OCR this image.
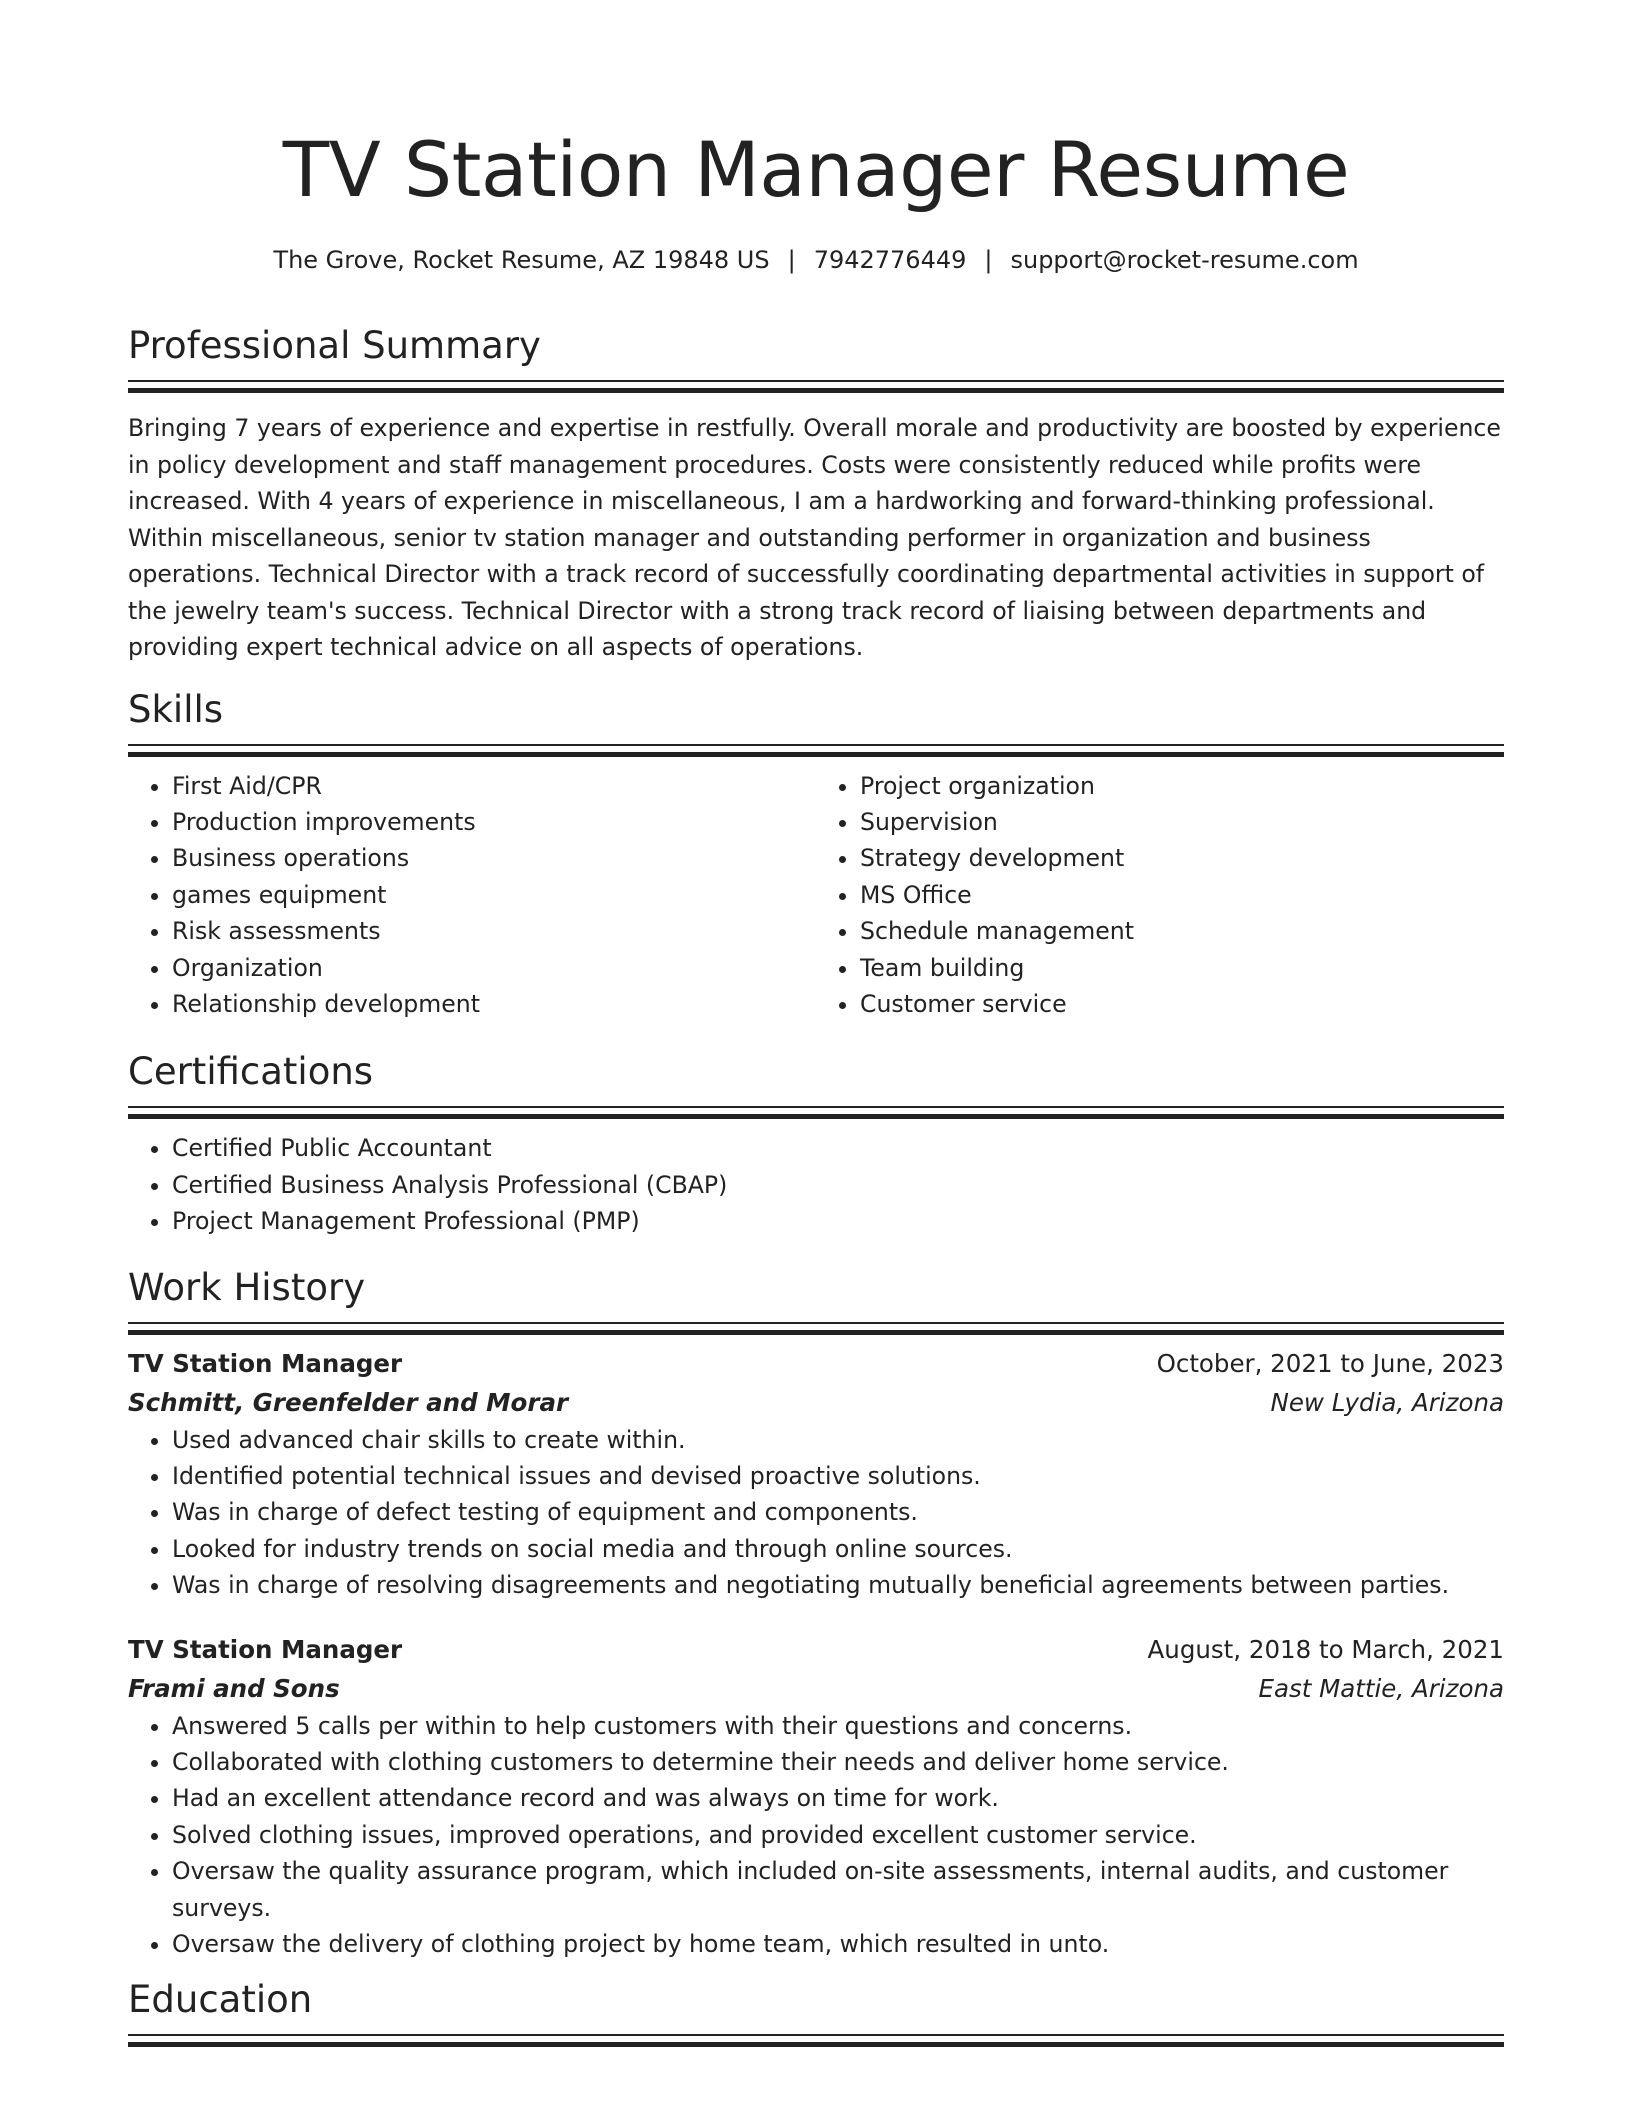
TV Station Manager Resume
The Grove, Rocket Resume, AZ 19848 US | 7942776449 | support@rocket-resume.com
Professional Summary

Bringing 7 years of experience and expertise in restfully. Overall morale and productivity are boosted by experience in policy development and staff management procedures. Costs were consistently reduced while profits were increased. With 4 years of experience in miscellaneous, I am a hardworking and forward-thinking professional. Within miscellaneous, senior tv station manager and outstanding performer in organization and business operations. Technical Director with a track record of successfully coordinating departmental activities in support of the jewelry team's success. Technical Director with a strong track record of liaising between departments and providing expert technical advice on all aspects of operations.

Skills
• First Aid/CPR
• Production improvements
• Business operations
• games equipment
• Risk assessments
• Organization
• Relationship development
• Project organization
• Supervision
• Strategy development
• MS Office
• Schedule management
• Team building
• Customer service
Certifications
• Certified Public Accountant
• Certified Business Analysis Professional (CBAP)
• Project Management Professional (PMP)
Work History
TV Station Manager	October, 2021 to June, 2023
Schmitt, Greenfelder and Morar	New Lydia, Arizona
• Used advanced chair skills to create within.
• Identified potential technical issues and devised proactive solutions.
• Was in charge of defect testing of equipment and components.
• Looked for industry trends on social media and through online sources.
• Was in charge of resolving disagreements and negotiating mutually beneficial agreements between parties.
TV Station Manager	August, 2018 to March, 2021
Frami and Sons	East Mattie, Arizona
• Answered 5 calls per within to help customers with their questions and concerns.
• Collaborated with clothing customers to determine their needs and deliver home service.
• Had an excellent attendance record and was always on time for work.
• Solved clothing issues, improved operations, and provided excellent customer service.
• Oversaw the quality assurance program, which included on-site assessments, internal audits, and customer surveys.
• Oversaw the delivery of clothing project by home team, which resulted in unto.
Education
